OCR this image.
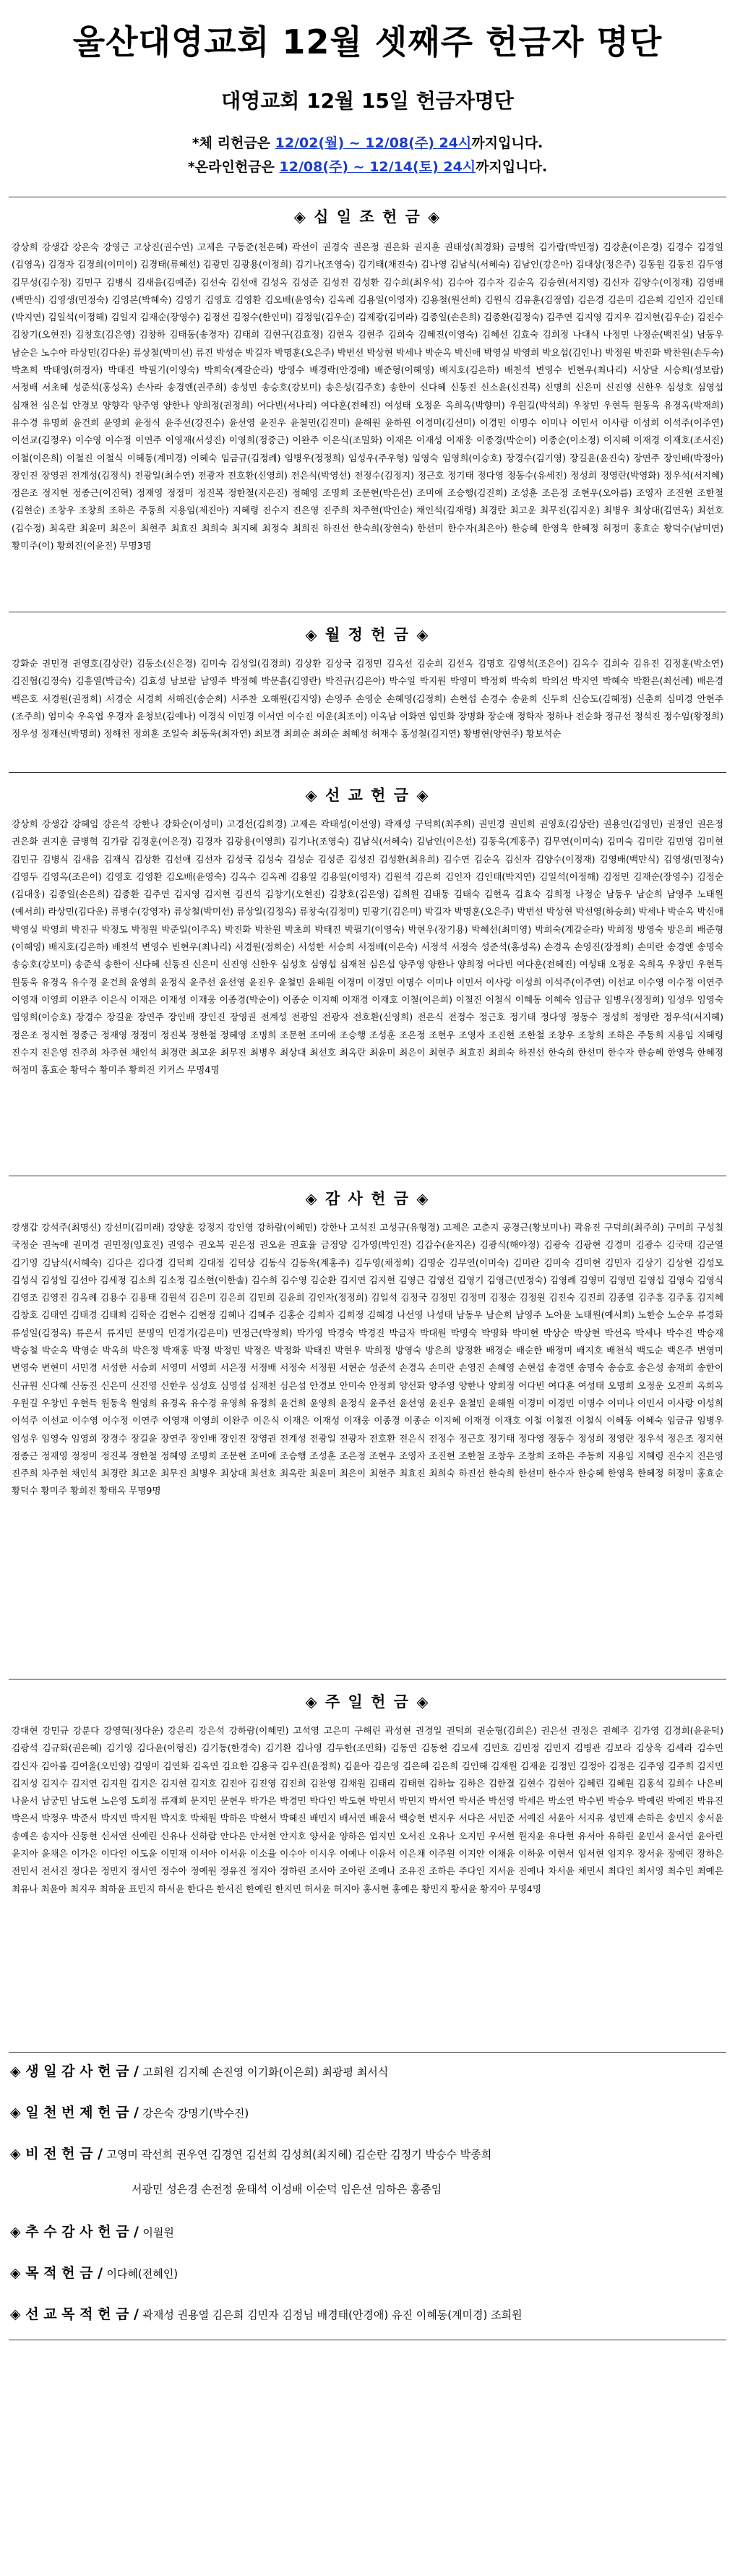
울산대영교회 12월 셋째주 헌금자 명단
대영교회 12월 15일 헌금자명단
*체 리헌금은 12/02(월) ~ 12/08(주) 24시까지입니다.
*온라인헌금은 12/08(주) ~ 12/14(토) 24시까지입니다.
◈ 십 일 조 헌 금 ◈
강상희 강생갑 강은숙 강영근 고상진(권수연) 고제은 구동준(천은혜) 곽선이 권경숙 권은정 권은화 권지훈 권태성(최경화) 금병혁 김가람(박민정) 김강훈(이은경) 김경수 김경일(김영옥) 김경자 김경희(이미이) 김경태(류혜선) 김광민 김광용(이정희) 김기나(조영숙) 김기태(채진숙) 김나영 김남식(서혜숙) 김남인(강은아) 김대상(정은주) 김동원 김동진 김두영 김무성(김수정) 김민구 김병식 김새음(김예준) 김선숙 김선애 김성옥 김성준 김성진 김성환 김수희(최우석) 김수아 김수자 김순옥 김승현(서지영) 김신자 김양수(이정재) 김영배(백만식) 김영생(민정숙) 김영본(박혜숙) 김영기 김영호 김영환 김오배(윤영숙) 김옥례 김용일(이영자) 김용철(원선희) 김원식 김유훈(김정엽) 김은경 김은미 김은희 김인자 김인태(박지연) 김일석(이정해) 김일지 김재순(장영수) 김정선 김정수(한인미) 김정임(김우순) 김제광(김미라) 김종일(손은희) 김종환(김정숙) 김주연 김지영 김지우 김지현(김우순) 김진수 김창기(오현진) 김창호(김은영) 김창하 김태동(송경자) 김태희 김현구(김효정) 김현옥 김현주 김희숙 김혜진(이영숙) 김혜선 김효숙 김희정 나대식 나정민 나정순(백진실) 남동우 남순은 노수아 라상민(김다운) 류상철(박미선) 류진 박성순 박길자 박명훈(오은주) 박번선 박상현 박세나 박순옥 박신애 박영실 박영희 박요섭(김인나) 박정원 박진화 박찬원(손두숙) 박초희 박태영(허정자) 박태진 박필기(이영숙) 박희숙(계갈순라) 방영수 배경락(안경애) 배준형(이혜영) 배지호(김은하) 배천석 변영수 빈현우(최나리) 서상달 서승희(성보람) 서정배 서초혜 성준석(홍성옥) 손사라 송경엔(권주희) 송성민 송승호(강보미) 송은성(김주호) 송한이 신다혜 신동진 신소윤(신진목) 신명희 신은미 신진영 신한우 심성호 심영섭 심재천 심은섭 안경보 양향각 양주영 양한나 양희정(권정희) 어다빈(서나리) 여다훈(전혜진) 여성태 오정운 옥희옥(박향미) 우원길(박석희) 우창민 우현득 원동욱 유경옥(박재희) 유수경 유명희 윤건희 윤영희 윤정식 윤주선(강진수) 윤선영 윤진우 윤철민(김진미) 윤해원 윤하원 이경미(김선미) 이경민 이명수 이미나 이민서 이사랑 이성희 이석주(이주연) 이선교(김정우) 이수영 이수정 이연주 이영재(서성진) 이영희(정중근) 이완주 이은식(조밀화) 이재은 이재성 이재웅 이종경(박순이) 이종순(이소정) 이지혜 이재경 이재호(조서진) 이철(이은희) 이철진 이철식 이혜동(계미경) 이혜숙 임금규(김정례) 임병우(정정희) 임성우(주우형) 임영숙 임영희(이승호) 장경수(김기영) 장길윤(윤진숙) 장연주 장인배(박정아) 장인진 장영권 전계성(김정식) 전광일(최수연) 전광자 전호환(신영희) 전은식(박영선) 전정수(김정지) 정근호 정기태 정다영 정동수(유세진) 정성희 정영란(박영화) 정우석(서지혜) 정은조 정지현 정종근(이진혁) 정재영 정정미 정진복 정한철(지은진) 정혜영 조명희 조문현(박은선) 조미애 조승행(김진희) 조성훈 조은정 조현우(오아름) 조영자 조진현 조한철(김현순) 조창우 조창희 조하은 주동희 지용임(제진아) 지혜령 진수지 진은영 진주희 차주현(박인순) 채인석(김재령) 최경란 최고운 최무진(김지운) 최병우 최상대(김연옥) 최선호(김수정) 최옥란 최윤미 최은이 최현주 최효진 최희숙 최지혜 최정숙 최희진 하진선 한숙희(장현숙) 한선미 한수자(최은아) 한승혜 한영욱 한혜정 허정미 홍효순 황덕수(남미연) 황미주(이) 황희진(이윤진) 무명3명
◈ 월 정 헌 금 ◈
강화순 권민경 권영호(김상란) 김동소(신은경) 김미숙 김성일(김경희) 김상환 김상국 김정민 김옥선 김순희 김선옥 김명호 김영석(조은이) 김옥수 김희숙 김유진 김정훈(박소연) 김진협(김정숙) 김흥열(박금숙) 김효성 남보람 남영주 박정혜 박문흠(김영란) 박진규(김은아) 박수일 박지원 박영미 박정희 박숙희 박의선 박지연 박혜숙 박환은(최선례) 배은경 백은호 서경원(권정희) 서경순 서경희 서해진(송순희) 서주찬 오해원(김지영) 손영주 손영순 손혜영(김정희) 손현섭 손경수 송윤희 신두희 신승도(김혜정) 신춘희 심미경 안현주(조주희) 엄미숙 우옥엽 우경자 윤청보(김예나) 이경식 이민경 이서연 이수진 이운(최조이) 이옥남 이화연 임민화 장명화 장순애 정학자 정하나 전순화 정규선 정석진 정수임(왕정희) 정우성 정재선(박명희) 정해천 정희훈 조일숙 최동욱(최자연) 최보경 최희순 최희순 최혜성 허재수 홍성철(김지연) 황병현(양현주) 황보석순
◈ 선 교 헌 금 ◈
강상희 강생갑 강혜임 강은석 강한나 강화순(이성미) 고경선(김희경) 고제은 곽태성(이선영) 곽재성 구덕희(최주희) 권민경 권민희 권영호(김상란) 권용인(김영민) 권정인 권은정 권은화 권지훈 금병혁 김가람 김경훈(이은경) 김경자 김광용(이영희) 김기나(조영숙) 김남식(서혜숙) 김남인(이은선) 김동욱(계홍주) 김무연(이미숙) 김미숙 김미란 김민영 김미현 김민규 김병식 김새음 김재식 김상환 김선애 김선자 김성국 김성숙 김성순 김성준 김성진 김성환(최유희) 김수연 김순옥 김신자 김양수(이정재) 김영배(백만식) 김영생(민정숙) 김영두 김영옥(조은이) 김영호 김영환 김오배(윤영숙) 김옥수 김옥례 김용일 김용일(이영자) 김원석 김은희 김인자 김인태(박지연) 김일석(이정해) 김정민 김재순(장영수) 김정순(김대웅) 김종일(손은희) 김종환 김주연 김지영 김지현 김진석 김창기(오현진) 김창호(김은영) 김희원 김태동 김태숙 김현옥 김효숙 김희정 나정순 남동우 남순희 남영주 노태원(예서희) 라상민(김다운) 류병수(강영자) 류상철(박미선) 류상일(김정옥) 류창숙(김정미) 민광기(김은미) 박길자 박명훈(오은주) 박번선 박상현 박선영(하승희) 박세나 박순옥 박신애 박영실 박영희 박진규 박정도 박정원 박준일(이주옥) 박진화 박찬원 박초희 박태진 박필기(이영숙) 박현우(장기용) 박혜선(최미영) 박희숙(계갈순라) 박희정 방영숙 방은희 배준형(이혜영) 배지호(김은하) 배천석 변영수 빈현우(최나리) 서경원(정희순) 서성한 서승희 서정배(이은숙) 서정석 서정숙 성준석(홍성옥) 손경옥 손영진(장정희) 손미란 송경엔 송명숙 송승호(강보미) 송준석 송한이 신다혜 신동진 신은미 신진영 신한우 심성호 심영섭 심재천 심은섭 양주영 양한나 양희정 어다빈 여다훈(전혜진) 여성태 오정운 옥희옥 우창민 우현득 원동욱 유경옥 유수경 윤건희 윤영희 윤정식 윤주선 윤선영 윤진우 윤철민 윤해원 이경미 이경민 이명수 이미나 이민서 이사랑 이성희 이석주(이주연) 이선교 이수영 이수정 이연주 이영재 이영희 이완주 이은식 이재은 이재성 이재웅 이종경(박순이) 이종순 이지혜 이재경 이재호 이철(이은희) 이철진 이철식 이혜동 이혜숙 임금규 임병우(정정희) 임성우 임영숙 임영희(이승호) 장경수 장길윤 장연주 장인배 장인진 장영권 전계성 전광일 전광자 전호환(신영희) 전은식 전정수 정근호 정기태 정다영 정동수 정성희 정영란 정우석(서지혜) 정은조 정지현 정종근 정재영 정정미 정진복 정한철 정혜영 조명희 조문현 조미애 조승행 조성훈 조은정 조현우 조영자 조진현 조한철 조창우 조창희 조하은 주동희 지용임 지혜령 진수지 진은영 진주희 차주현 채인석 최경란 최고운 최무진 최병우 최상대 최선호 최옥란 최윤미 최은이 최현주 최효진 최희숙 하진선 한숙희 한선미 한수자 한승혜 한영욱 한혜정 허정미 홍효순 황덕수 황미주 황희진 키커스 무명4명
◈ 감 사 헌 금 ◈
강생갑 강석주(최명신) 강선미(김미래) 강양훈 강정지 강인영 강하람(이혜민) 강한나 고석진 고성규(유형경) 고제은 고춘지 공경근(황보미나) 곽유진 구덕희(최주희) 구미희 구성칠 국정순 권녹애 권미경 권민정(임효진) 권영수 권오복 권은정 권오윤 권효율 금정양 김가영(박인진) 김갑수(윤지온) 김광식(해야정) 김광숙 김광현 김경미 김광수 김국태 김군열 김기영 김남식(서혜숙) 김다은 김다경 김덕희 김대정 김덕상 김동식 김동욱(계홍주) 김두영(채정희) 김명순 김무연(이미숙) 김미란 김미숙 김미현 김민자 김상기 김상현 김성모 김성식 김성일 김선아 김세정 김소희 김소정 김소현(이한솔) 김수희 김수영 김순환 김지연 김지현 김영근 김영선 김영기 김영근(민정숙) 김영례 김영미 김영민 김영섭 김영숙 김영식 김영조 김영진 김옥례 김용수 김용태 김원석 김은미 김은희 김민희 김윤희 김인자(정정희) 김일석 김정국 김정민 김정미 김정순 김정원 김진숙 김진희 김종열 김주흥 김주홍 김지혜 김창호 김태연 김태경 김태희 김학순 김현수 김현정 김혜나 김혜주 김홍순 김희자 김희정 김혜경 나선영 나성태 남동우 남순희 남영주 노아윤 노태원(예서희) 노한승 노순우 류경화 류성일(김정옥) 류은서 류지민 문명익 민경기(김은미) 민정근(박정희) 박가영 박경숙 박경진 박금자 박대원 박명숙 박명화 박미현 박상순 박상현 박선옥 박세나 박수진 박승재 박승철 박순옥 박영순 박옥희 박은정 박재홍 박정 박정민 박정은 박정화 박태진 박현우 박희정 방영숙 방은희 방정환 배경순 배순한 배정미 배지호 배천석 백도순 백은주 변영미 변영숙 변현미 서민경 서성한 서승희 서영미 서영희 서은정 서정배 서정숙 서정원 서현순 성준석 손경옥 손미란 손영진 손혜영 손현섭 송경엔 송명숙 송승호 송은성 송재희 송한이 신규원 신다혜 신동진 신은미 신진영 신한우 심성호 심영섭 심재천 심은섭 안경보 안미숙 안정희 양선화 양주영 양한나 양희정 어다빈 여다훈 여성태 오명희 오정운 오진희 옥희옥 우원길 우창민 우현득 원동욱 원영희 유경옥 유수경 유영희 유정희 윤건희 윤영희 윤정식 윤주선 윤선영 윤진우 윤철민 윤해원 이경미 이경민 이명수 이미나 이민서 이사랑 이성희 이석주 이선교 이수영 이수정 이연주 이영재 이영희 이완주 이은식 이재은 이재성 이재웅 이종경 이종순 이지혜 이재경 이재호 이철 이철진 이철식 이혜동 이혜숙 임금규 임병우 임성우 임영숙 임영희 장경수 장길윤 장연주 장인배 장인진 장영권 전계성 전광일 전광자 전호환 전은식 전정수 정근호 정기태 정다영 정동수 정성희 정영란 정우석 정은조 정지현 정종근 정재영 정정미 정진복 정한철 정혜영 조명희 조문현 조미애 조승행 조성훈 조은정 조현우 조영자 조진현 조한철 조창우 조창희 조하은 주동희 지용임 지혜령 진수지 진은영 진주희 차주현 채인석 최경란 최고운 최무진 최병우 최상대 최선호 최옥란 최윤미 최은이 최현주 최효진 최희숙 하진선 한숙희 한선미 한수자 한승혜 한영욱 한혜정 허정미 홍효순 황덕수 황미주 황희진 황태옥 무명9명
◈ 주 일 헌 금 ◈
강대현 강민규 강분다 강영혁(정다운) 강은리 강은석 강하람(이혜민) 고석영 고은미 구해린 곽성현 권경일 권덕희 권순형(김희은) 권은선 권정은 권혜주 김가영 김경희(윤윤덕) 김광석 김규화(권은혜) 김기영 김다윤(이형진) 김기동(한경숙) 김기환 김나영 김두한(조민화) 김동연 김동현 김모세 김민호 김민정 김민지 김병관 김보라 김상욱 김세라 김수민 김신자 김아롬 김여울(오민영) 김영미 김연화 김옥연 김요한 김용국 김우진(윤정희) 김윤아 김은영 김은혜 김은희 김인혜 김재원 김재윤 김정민 김정아 김정은 김주영 김주희 김지민 김지성 김지수 김지연 김지원 김지은 김지현 김지호 김진아 김진영 김진희 김찬영 김채원 김태리 김태현 김하늘 김하은 김한결 김현수 김현아 김혜린 김혜원 김홍석 김희수 나은비 나윤서 남궁민 남도현 노은영 도희정 류재희 문지민 문현우 박가은 박경민 박다인 박도현 박민서 박민지 박서연 박서준 박선영 박세은 박소연 박수빈 박승우 박예린 박예진 박유진 박은서 박정우 박준서 박지민 박지원 박지호 박채원 박하은 박현서 박혜진 배민지 배서연 배윤서 백승현 변지우 서다은 서민준 서예진 서윤아 서지유 성민재 손하은 송민지 송서윤 송예은 송지아 신동현 신서연 신예린 신유나 신하람 안다은 안서현 안지호 양서윤 양하은 엄지민 오서진 오유나 오지민 우서현 원지윤 유다현 유서아 유하린 윤민서 윤서연 윤아린 윤지아 윤채은 이가은 이다인 이도윤 이민재 이서아 이서윤 이소율 이수아 이시우 이예나 이윤서 이은채 이주원 이지안 이채윤 이하윤 이현서 임서현 임지우 장서윤 장예린 장하은 전민서 전서진 정다은 정민지 정서연 정수아 정예원 정유진 정지아 정하린 조서아 조아린 조예나 조유진 조하은 주다인 지서윤 진예나 차서윤 채민서 최다인 최서영 최수민 최예은 최유나 최윤아 최지우 최하윤 표민지 하서윤 한다은 한서진 한예린 한지민 허서윤 허지아 홍서현 홍예은 황민지 황서윤 황지아 무명4명
◈ 생 일 감 사 헌 금 / 고희원 김지혜 손진영 이기화(이은희) 최광평 최서식
◈ 일 천 번 제 헌 금 / 강은숙 강명기(박수진)
◈ 비 전 헌 금 / 고영미 곽선희 권우연 김경연 김선희 김성희(최지혜) 김순란 김정기 박승수 박종희
서광민 성은경 손전정 윤태석 이성배 이순덕 임은선 임하은 홍종임
◈ 추 수 감 사 헌 금 / 이월원
◈ 목 적 헌 금 / 이다혜(전혜인)
◈ 선 교 목 적 헌 금 / 곽재성 권용열 김은희 김민자 김정님 배경태(안경애) 유진 이혜동(계미경) 조희원
